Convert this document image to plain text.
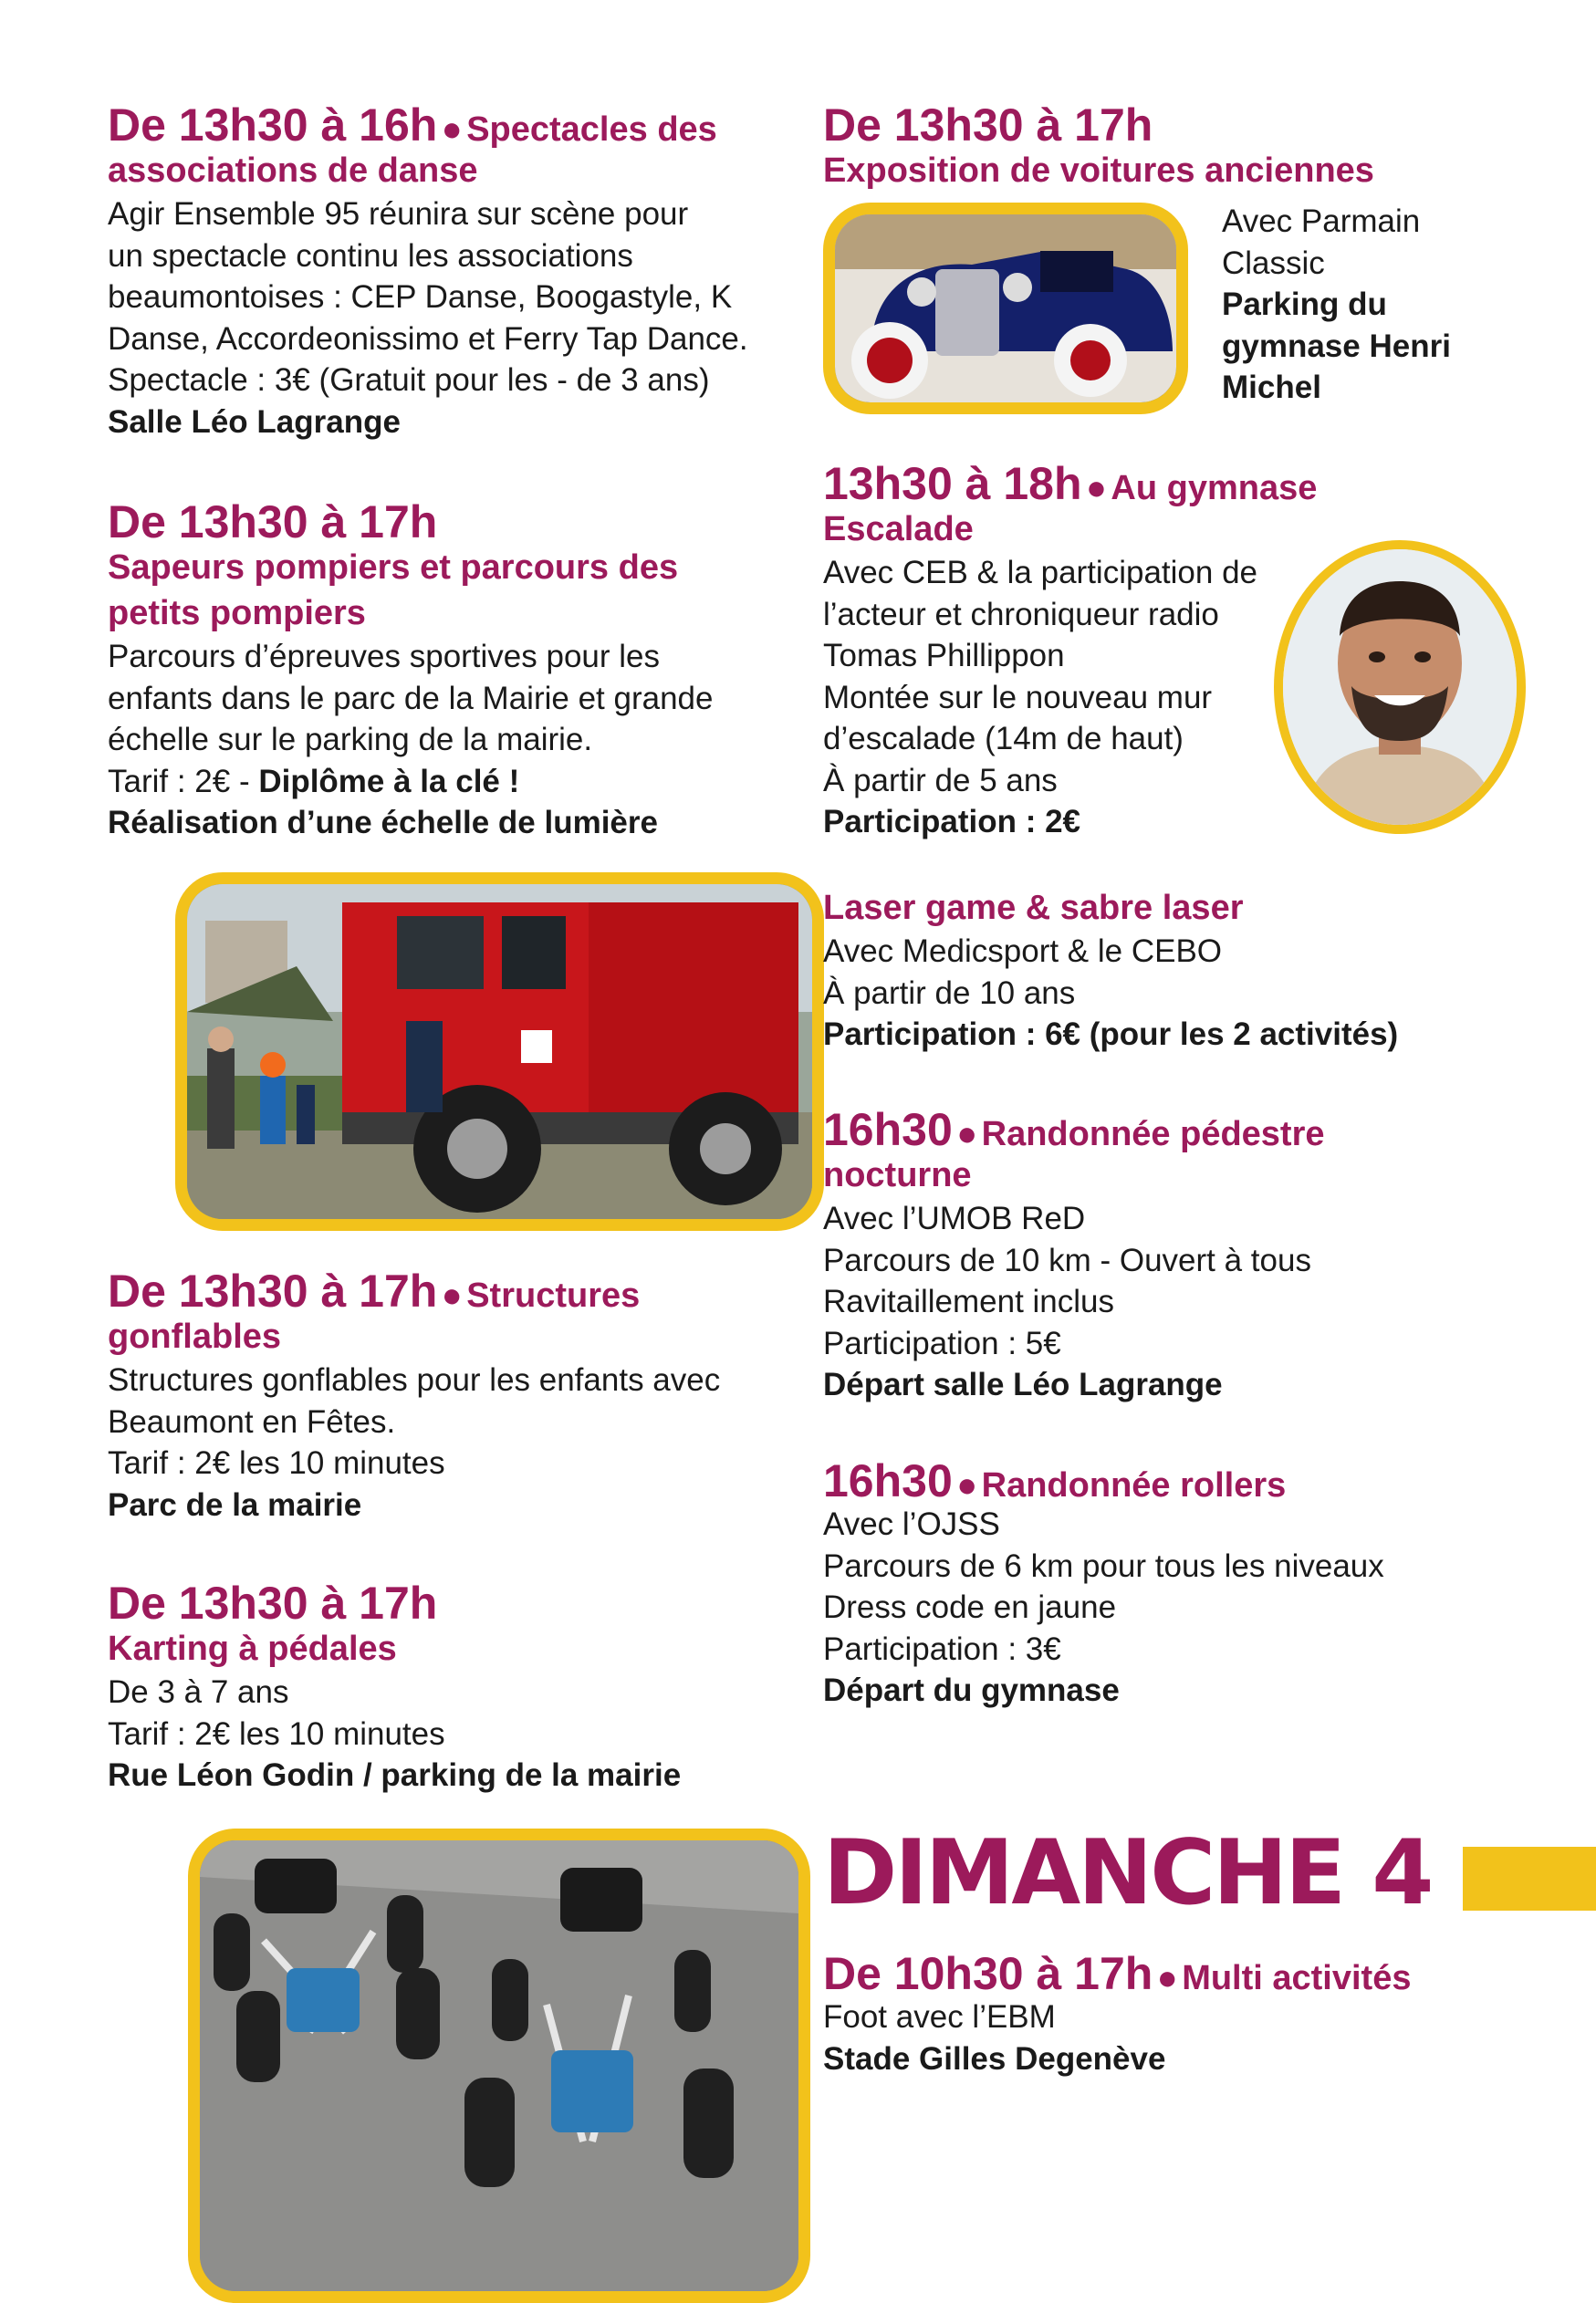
De 13h30 à 16h ● Spectacles des

associations de danse

Agir Ensemble 95 réunira sur scène pour

un spectacle continu les associations

beaumontoises : CEP Danse, Boogastyle, K

Danse, Accordeonissimo et Ferry Tap Dance.

Spectacle : 3€ (Gratuit pour les - de 3 ans)

Salle Léo Lagrange

De 13h30 à 17h

Sapeurs pompiers et parcours des

petits pompiers

Parcours d’épreuves sportives pour les

enfants dans le parc de la Mairie et grande

échelle sur le parking de la mairie.

Tarif : 2€ - Diplôme à la clé !

Réalisation d’une échelle de lumière

De 13h30 à 17h ● Structures

gonflables

Structures gonflables pour les enfants avec

Beaumont en Fêtes.

Tarif : 2€ les 10 minutes

Parc de la mairie

De 13h30 à 17h

Karting à pédales

De 3 à 7 ans

Tarif : 2€ les 10 minutes

Rue Léon Godin / parking de la mairie

De 13h30 à 17h

Exposition de voitures anciennes

Avec Parmain

Classic

Parking du

gymnase Henri

Michel

13h30 à 18h ● Au gymnase

Escalade

Avec CEB & la participation de

l’acteur et chroniqueur radio

Tomas Phillippon

Montée sur le nouveau mur

d’escalade (14m de haut)

À partir de 5 ans

Participation : 2€

Laser game & sabre laser

Avec Medicsport & le CEBO

À partir de 10 ans

Participation : 6€ (pour les 2 activités)

16h30 ● Randonnée pédestre

nocturne

Avec l’UMOB ReD

Parcours de 10 km - Ouvert à tous

Ravitaillement inclus

Participation : 5€

Départ salle Léo Lagrange

16h30 ● Randonnée rollers

Avec l’OJSS

Parcours de 6 km pour tous les niveaux

Dress code en jaune

Participation : 3€

Départ du gymnase

De 10h30 à 17h ● Multi activités

Foot avec l’EBM

Stade Gilles Degenève

DIMANCHE 4
